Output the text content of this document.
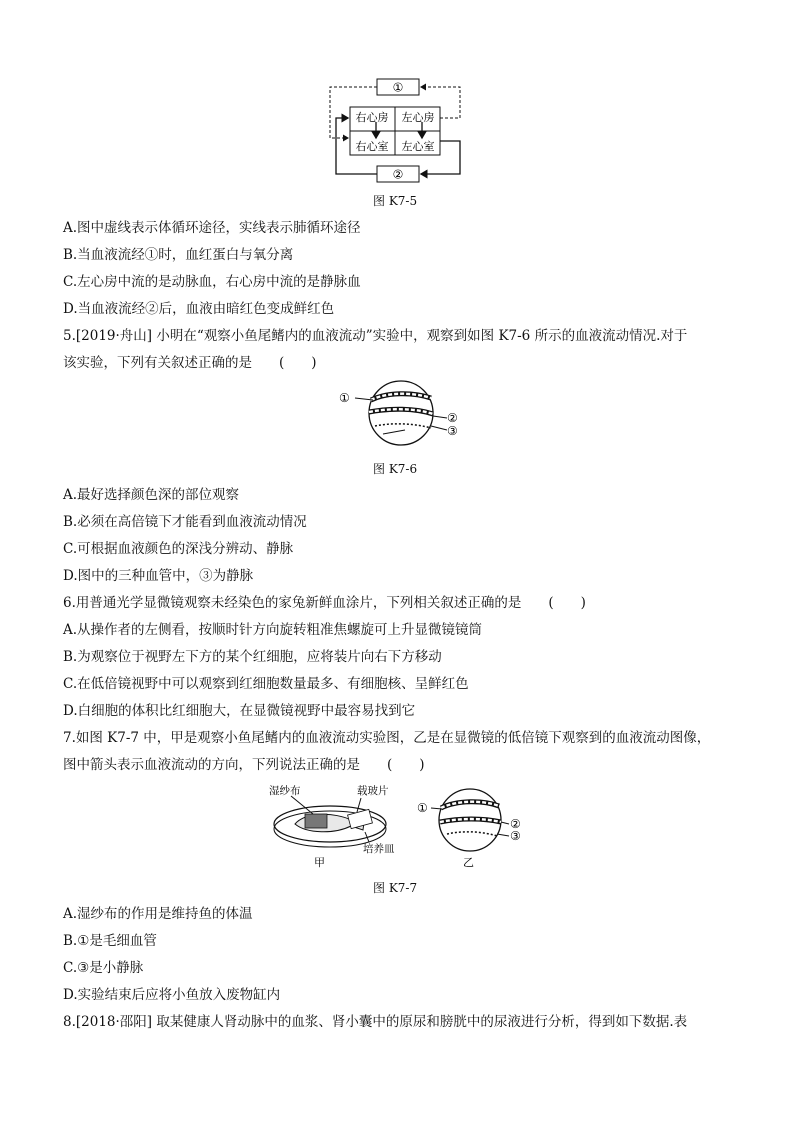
①
右心房 左心房
右心室 左心室
②
图 K7-5
A.图中虚线表示体循环途径，实线表示肺循环途径
B.当血液流经①时，血红蛋白与氧分离
C.左心房中流的是动脉血，右心房中流的是静脉血
D.当血液流经②后，血液由暗红色变成鲜红色
5.[2019·舟山] 小明在“观察小鱼尾鳍内的血液流动”实验中，观察到如图 K7-6 所示的血液流动情况.对于
该实验，下列有关叙述正确的是　　(　　)
①
②
③
图 K7-6
A.最好选择颜色深的部位观察
B.必须在高倍镜下才能看到血液流动情况
C.可根据血液颜色的深浅分辨动、静脉
D.图中的三种血管中，③为静脉
6.用普通光学显微镜观察未经染色的家兔新鲜血涂片，下列相关叙述正确的是　　(　　)
A.从操作者的左侧看，按顺时针方向旋转粗准焦螺旋可上升显微镜镜筒
B.为观察位于视野左下方的某个红细胞，应将装片向右下方移动
C.在低倍镜视野中可以观察到红细胞数量最多、有细胞核、呈鲜红色
D.白细胞的体积比红细胞大，在显微镜视野中最容易找到它
7.如图 K7-7 中，甲是观察小鱼尾鳍内的血液流动实验图，乙是在显微镜的低倍镜下观察到的血液流动图像，
图中箭头表示血液流动的方向，下列说法正确的是　　(　　)
湿纱布	载玻片
培养皿
甲
①
②
③
乙
图 K7-7
A.湿纱布的作用是维持鱼的体温
B.①是毛细血管
C.③是小静脉
D.实验结束后应将小鱼放入废物缸内
8.[2018·邵阳] 取某健康人肾动脉中的血浆、肾小囊中的原尿和膀胱中的尿液进行分析，得到如下数据.表
